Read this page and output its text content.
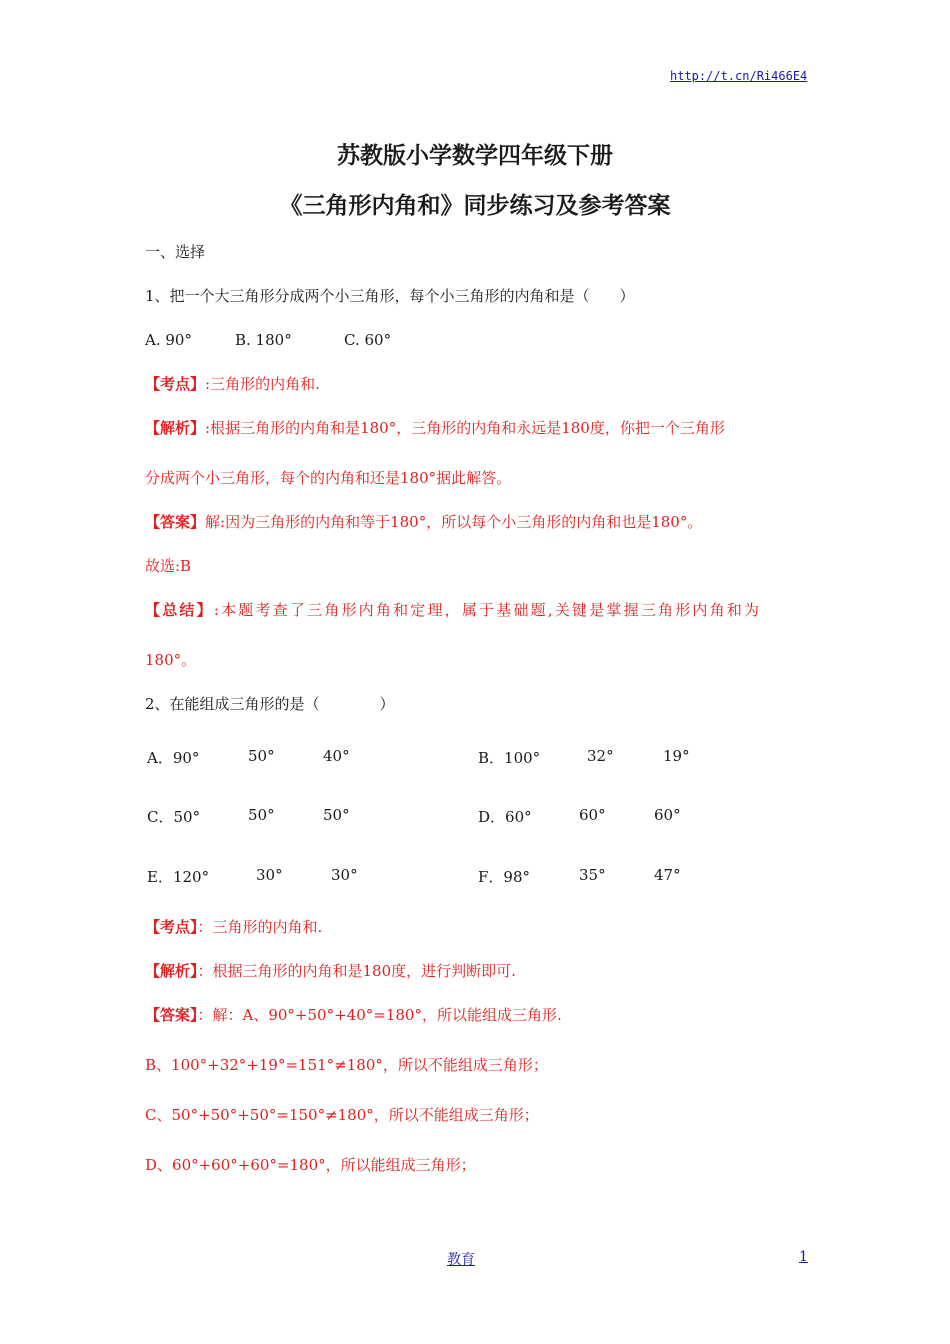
http://t.cn/Ri466E4
苏教版小学数学四年级下册
《三角形内角和》同步练习及参考答案
一、选择
1、把一个大三角形分成两个小三角形，每个小三角形的内角和是（　　）
A. 90°	B. 180°	C. 60°
【考点】:三角形的内角和.
【解析】:根据三角形的内角和是180°，三角形的内角和永远是180度，你把一个三角形
分成两个小三角形，每个的内角和还是180°据此解答。
【答案】解:因为三角形的内角和等于180°，所以每个小三角形的内角和也是180°。
故选:B
【总结】:本题考查了三角形内角和定理，属于基础题,关键是掌握三角形内角和为
180°。
2、在能组成三角形的是（　　　　）
A．90°	50°	40°	B．100°	32°	19°
C．50°	50°	50°	D．60°	60°	60°
E．120°	30°	30°	F．98°	35°	47°
【考点】：三角形的内角和.
【解析】：根据三角形的内角和是180度，进行判断即可.
【答案】：解：A、90°+50°+40°=180°，所以能组成三角形.
B、100°+32°+19°=151°≠180°，所以不能组成三角形；
C、50°+50°+50°=150°≠180°，所以不能组成三角形；
D、60°+60°+60°=180°，所以能组成三角形；
教育	1
